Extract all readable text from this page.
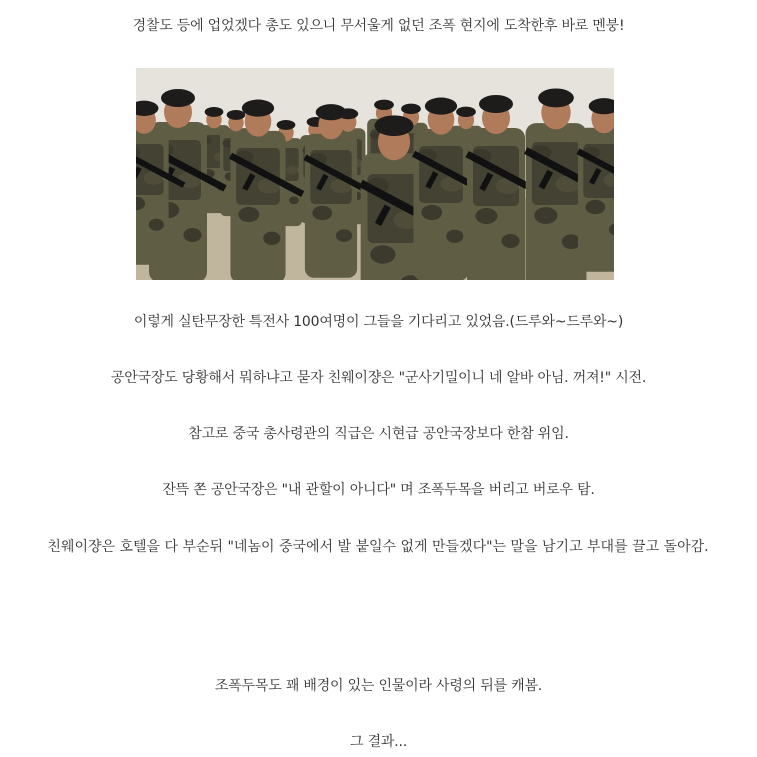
경찰도 등에 업었겠다 총도 있으니 무서울게 없던 조폭 현지에 도착한후 바로 멘붕!
이렇게 실탄무장한 특전사 100여명이 그들을 기다리고 있었음.(드루와~드루와~)
공안국장도 당황해서 뭐하냐고 묻자 친웨이쟝은 "군사기밀이니 네 알바 아님. 꺼져!" 시전.
참고로 중국 총사령관의 직급은 시현급 공안국장보다 한참 위임.
잔뜩 쫀 공안국장은 "내 관할이 아니다" 며 조폭두목을 버리고 버로우 탐.
친웨이쟝은 호텔을 다 부순뒤 "네놈이 중국에서 발 붙일수 없게 만들겠다"는 말을 남기고 부대를 끌고 돌아감.
조폭두목도 꽤 배경이 있는 인물이라 사령의 뒤를 캐봄.
그 결과...
